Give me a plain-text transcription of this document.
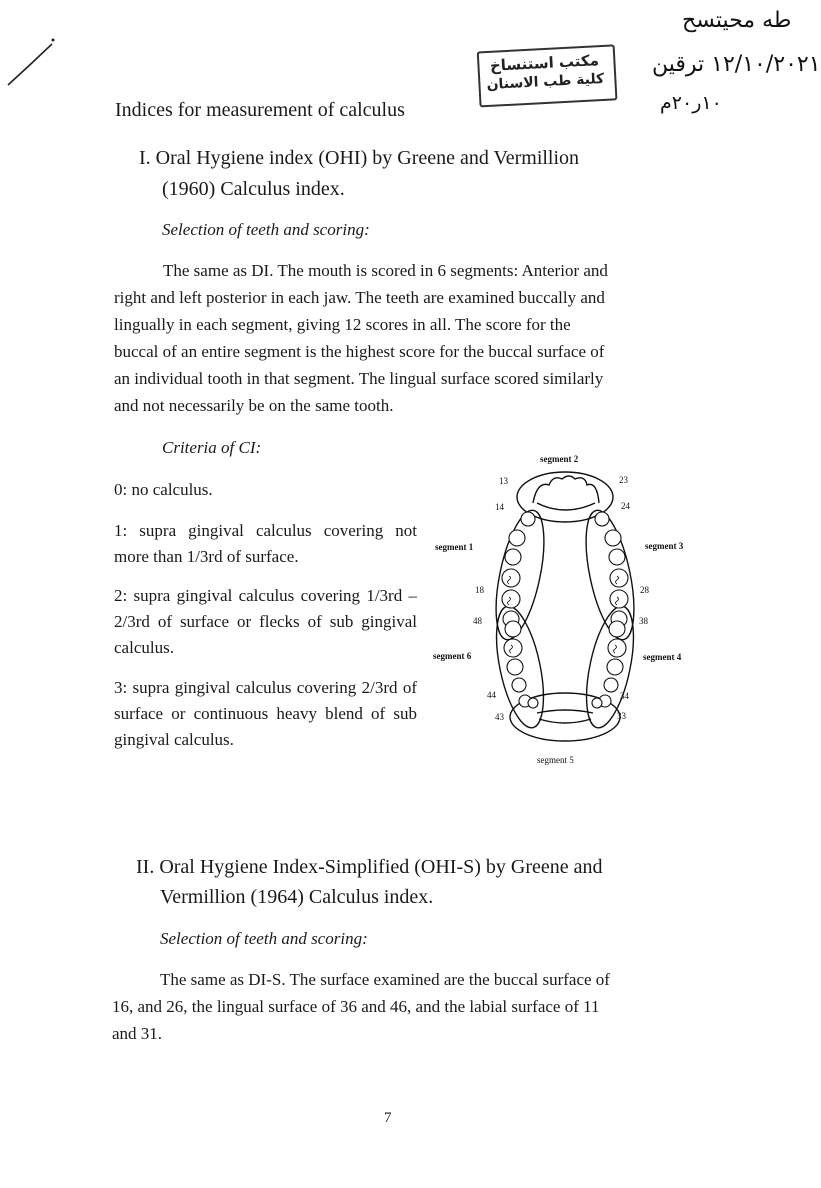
طه محيتسح
١٢/١٠/٢٠٢١ ترقين
١٠ر٢٠م
مكتب استنساخ
كلية طب الاسنان
Indices for measurement of calculus
I. Oral Hygiene index (OHI) by Greene and Vermillion
(1960) Calculus index.
Selection of teeth and scoring:
The same as DI. The mouth is scored in 6 segments: Anterior and
right and left posterior in each jaw. The teeth are examined buccally and
lingually in each segment, giving 12 scores in all. The score for the
buccal of an entire segment is the highest score for the buccal surface of
an individual tooth in that segment. The lingual surface scored similarly
and not necessarily be on the same tooth.
Criteria of CI:
0: no calculus.
1: supra gingival calculus covering not more than 1/3rd of surface.
2: supra gingival calculus covering 1/3rd – 2/3rd of surface or flecks of sub gingival calculus.
3: supra gingival calculus covering 2/3rd of surface or continuous heavy blend of sub gingival calculus.
segment 2
segment 1	segment 3
segment 6	segment 4
segment 5
13
14
23
24
18	28
48	38
44
43
34
33
II. Oral Hygiene Index-Simplified (OHI-S) by Greene and
Vermillion (1964) Calculus index.
Selection of teeth and scoring:
The same as DI-S. The surface examined are the buccal surface of
16, and 26, the lingual surface of 36 and 46, and the labial surface of 11
and 31.
7
